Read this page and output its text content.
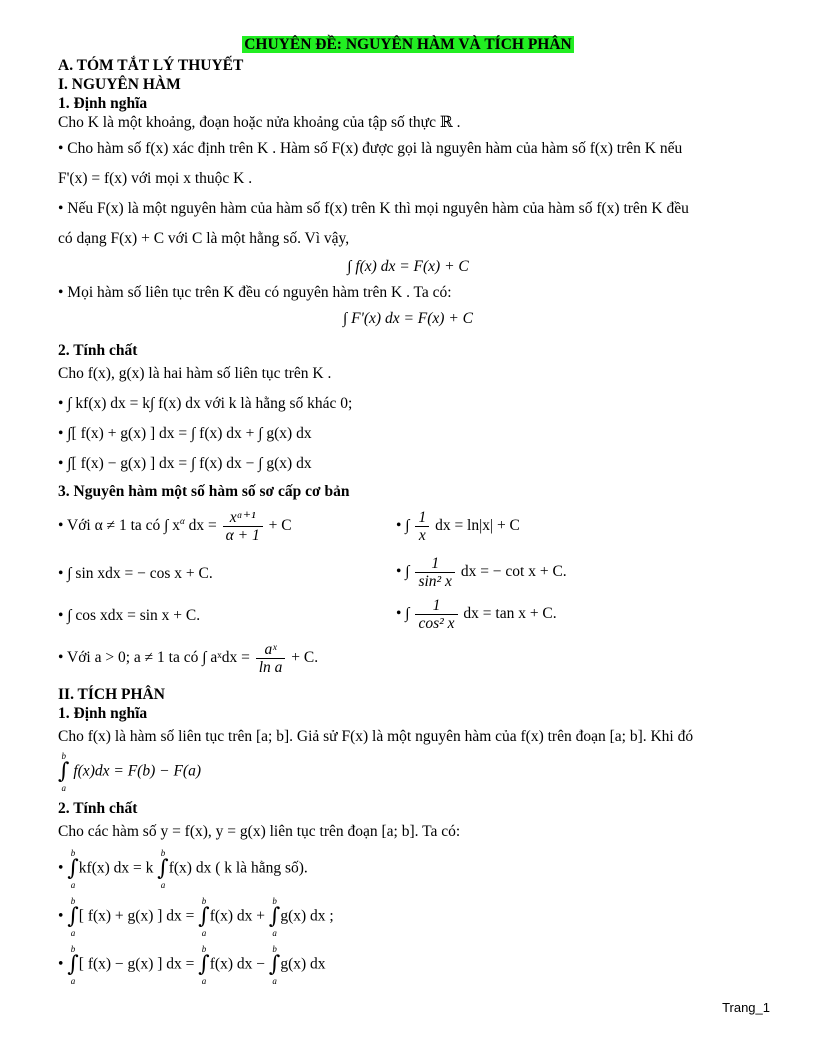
CHUYÊN ĐỀ: NGUYÊN HÀM VÀ TÍCH PHÂN
A. TÓM TẮT LÝ THUYẾT
I. NGUYÊN HÀM
1. Định nghĩa
Cho K là một khoảng, đoạn hoặc nửa khoảng của tập số thực ℝ .
• Cho hàm số f(x) xác định trên K . Hàm số F(x) được gọi là nguyên hàm của hàm số f(x) trên K nếu
F'(x) = f(x) với mọi x thuộc K .
• Nếu F(x) là một nguyên hàm của hàm số f(x) trên K thì mọi nguyên hàm của hàm số f(x) trên K đều
có dạng F(x) + C với C là một hằng số. Vì vậy,
∫ f(x) dx = F(x) + C
• Mọi hàm số liên tục trên K đều có nguyên hàm trên K . Ta có:
∫ F'(x) dx = F(x) + C
2. Tính chất
Cho f(x), g(x) là hai hàm số liên tục trên K .
• ∫ kf(x) dx = k∫ f(x) dx với k là hằng số khác 0;
• ∫[ f(x) + g(x) ] dx = ∫ f(x) dx + ∫ g(x) dx
• ∫[ f(x) − g(x) ] dx = ∫ f(x) dx − ∫ g(x) dx
3. Nguyên hàm một số hàm số sơ cấp cơ bản
• Với α ≠ 1 ta có ∫ $x^\alpha$ dx = $\frac{\text{xᵅ⁺¹}}{\alpha + 1} + C$	• ∫ $\frac{1}{x}$ dx = ln|x| + C
• ∫ sin xdx = − cos x + C.	• ∫ $\frac{1}{\text{sin² x}}$ dx = − cot x + C.
• ∫ cos xdx = sin x + C.	• ∫ $\frac{1}{\text{cos² x}}$ dx = tan x + C.
• Với a > 0; a ≠ 1 ta có ∫ aˣdx = $\frac{\text{aˣ}}{\text{ln a}} + C$.
II. TÍCH PHÂN
1. Định nghĩa
Cho f(x) là hàm số liên tục trên [a; b]. Giả sử F(x) là một nguyên hàm của f(x) trên đoạn [a; b]. Khi đó
b
∫
a
f(x)dx = F(b) − F(a)
2. Tính chất
Cho các hàm số y = f(x), y = g(x) liên tục trên đoạn [a; b]. Ta có:
•
b
∫
a
kf(x) dx = k
b
∫
a
f(x) dx ( k là hằng số).
•
b
∫
a
[ f(x) + g(x) ] dx =
b
∫
a
f(x) dx +
b
∫
a
g(x) dx ;
•
b
∫
a
[ f(x) − g(x) ] dx =
b
∫
a
f(x) dx −
b
∫
a
g(x) dx
Trang_1
